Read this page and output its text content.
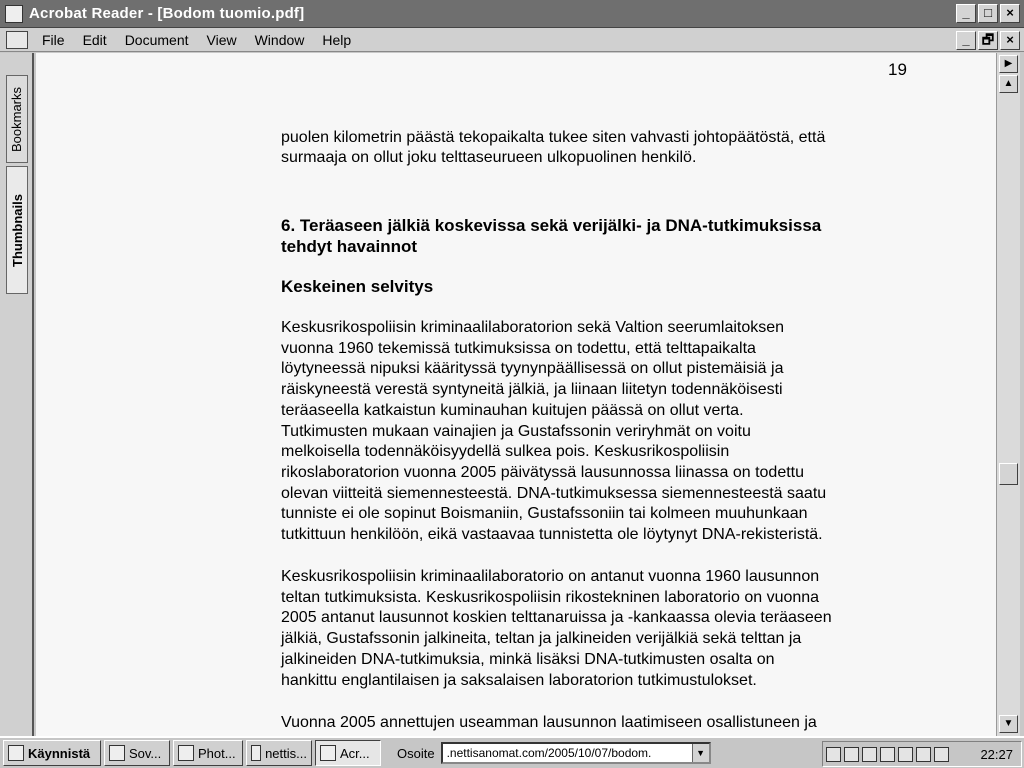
Acrobat Reader - [Bodom tuomio.pdf]	_	□	×
File Edit Document View Window Help	_ 🗗 ×
Bookmarks
Thumbnails
19
puolen kilometrin päästä tekopaikalta tukee siten vahvasti johtopäätöstä, että
surmaaja on ollut joku telttaseurueen ulkopuolinen henkilö.
6. Teräaseen jälkiä koskevissa sekä verijälki- ja DNA-tutkimuksissa
tehdyt havainnot
Keskeinen selvitys
Keskusrikospoliisin kriminaalilaboratorion sekä Valtion seerumlaitoksen
vuonna 1960 tekemissä tutkimuksissa on todettu, että telttapaikalta
löytyneessä nipuksi käärityssä tyynynpäällisessä on ollut pistemäisiä ja
räiskyneestä verestä syntyneitä jälkiä, ja liinaan liitetyn todennäköisesti
teräaseella katkaistun kuminauhan kuitujen päässä on ollut verta.
Tutkimusten mukaan vainajien ja Gustafssonin veriryhmät on voitu
melkoisella todennäköisyydellä sulkea pois. Keskusrikospoliisin
rikoslaboratorion vuonna 2005 päivätyssä lausunnossa liinassa on todettu
olevan viitteitä siemennesteestä. DNA-tutkimuksessa siemennesteestä saatu
tunniste ei ole sopinut Boismaniin, Gustafssoniin tai kolmeen muuhunkaan
tutkittuun henkilöön, eikä vastaavaa tunnistetta ole löytynyt DNA-rekisteristä.
Keskusrikospoliisin kriminaalilaboratorio on antanut vuonna 1960 lausunnon
teltan tutkimuksista. Keskusrikospoliisin rikostekninen laboratorio on vuonna
2005 antanut lausunnot koskien telttanaruissa ja -kankaassa olevia teräaseen
jälkiä, Gustafssonin jalkineita, teltan ja jalkineiden verijälkiä sekä telttan ja
jalkineiden DNA-tutkimuksia, minkä lisäksi DNA-tutkimusten osalta on
hankittu englantilaisen ja saksalaisen laboratorion tutkimustulokset.
Vuonna 2005 annettujen useamman lausunnon laatimiseen osallistuneen ja
▶
▲
▼
Käynnistä	Sov...	Phot... nettis...	Acr... Osoite .nettisanomat.com/2005/10/07/bodom.	▼	22:27
